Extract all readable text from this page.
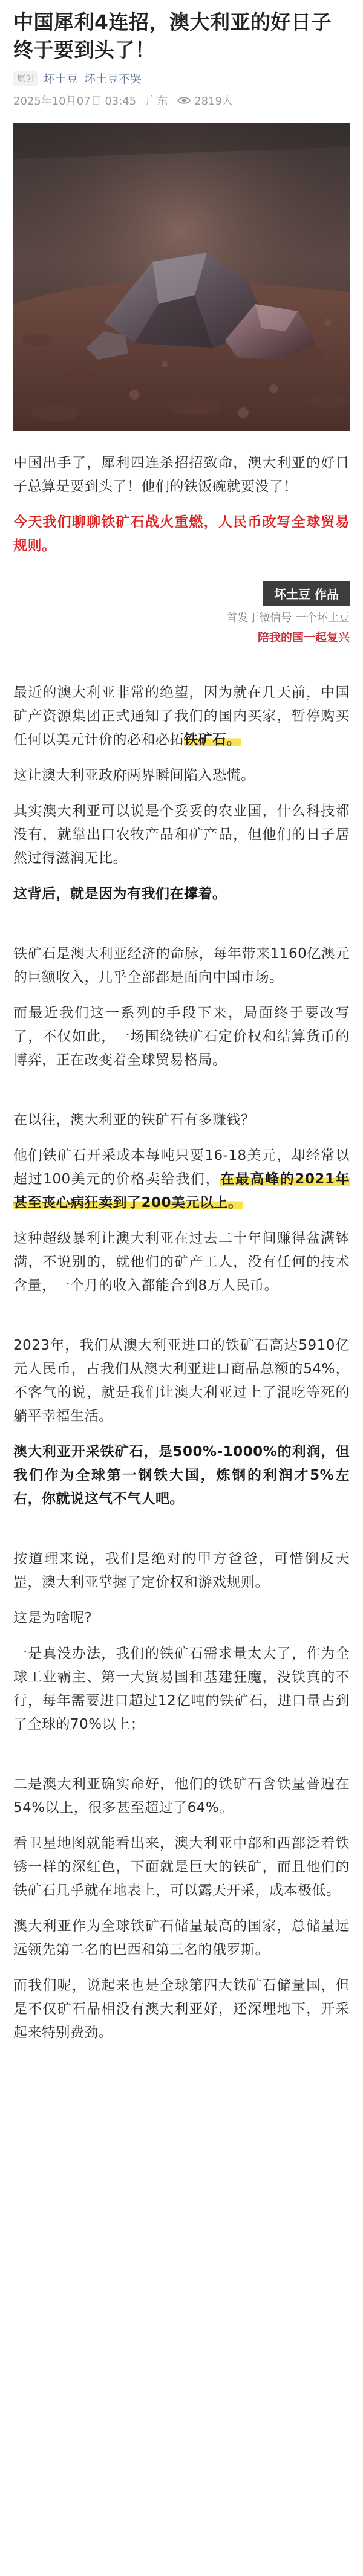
中国犀利4连招，澳大利亚的好日子终于要到头了！
原创 坏土豆 坏土豆不哭
2025年10月07日 03:45 广东 2819人

中国出手了，犀利四连杀招招致命，澳大利亚的好日子总算是要到头了！他们的铁饭碗就要没了！

今天我们聊聊铁矿石战火重燃，人民币改写全球贸易规则。

坏土豆 作品
首发于微信号 一个坏土豆
陪我的国一起复兴

最近的澳大利亚非常的绝望，因为就在几天前，中国矿产资源集团正式通知了我们的国内买家，暂停购买任何以美元计价的必和必拓铁矿石。

这让澳大利亚政府两界瞬间陷入恐慌。

其实澳大利亚可以说是个妥妥的农业国，什么科技都没有，就靠出口农牧产品和矿产品，但他们的日子居然过得滋润无比。

这背后，就是因为有我们在撑着。

铁矿石是澳大利亚经济的命脉，每年带来1160亿澳元的巨额收入，几乎全部都是面向中国市场。

而最近我们这一系列的手段下来，局面终于要改写了，不仅如此，一场围绕铁矿石定价权和结算货币的博弈，正在改变着全球贸易格局。

在以往，澳大利亚的铁矿石有多赚钱？

他们铁矿石开采成本每吨只要16-18美元，却经常以超过100美元的价格卖给我们，在最高峰的2021年甚至丧心病狂卖到了200美元以上。

这种超级暴利让澳大利亚在过去二十年间赚得盆满钵满，不说别的，就他们的矿产工人，没有任何的技术含量，一个月的收入都能合到8万人民币。

2023年，我们从澳大利亚进口的铁矿石高达5910亿元人民币，占我们从澳大利亚进口商品总额的54%，不客气的说，就是我们让澳大利亚过上了混吃等死的躺平幸福生活。

澳大利亚开采铁矿石，是500%-1000%的利润，但我们作为全球第一钢铁大国，炼钢的利润才5%左右，你就说这气不气人吧。

按道理来说，我们是绝对的甲方爸爸，可惜倒反天罡，澳大利亚掌握了定价权和游戏规则。

这是为啥呢?

一是真没办法，我们的铁矿石需求量太大了，作为全球工业霸主、第一大贸易国和基建狂魔，没铁真的不行，每年需要进口超过12亿吨的铁矿石，进口量占到了全球的70%以上；

二是澳大利亚确实命好，他们的铁矿石含铁量普遍在54%以上，很多甚至超过了64%。

看卫星地图就能看出来，澳大利亚中部和西部泛着铁锈一样的深红色，下面就是巨大的铁矿，而且他们的铁矿石几乎就在地表上，可以露天开采，成本极低。

澳大利亚作为全球铁矿石储量最高的国家，总储量远远领先第二名的巴西和第三名的俄罗斯。

而我们呢，说起来也是全球第四大铁矿石储量国，但是不仅矿石品相没有澳大利亚好，还深埋地下，开采起来特别费劲。
